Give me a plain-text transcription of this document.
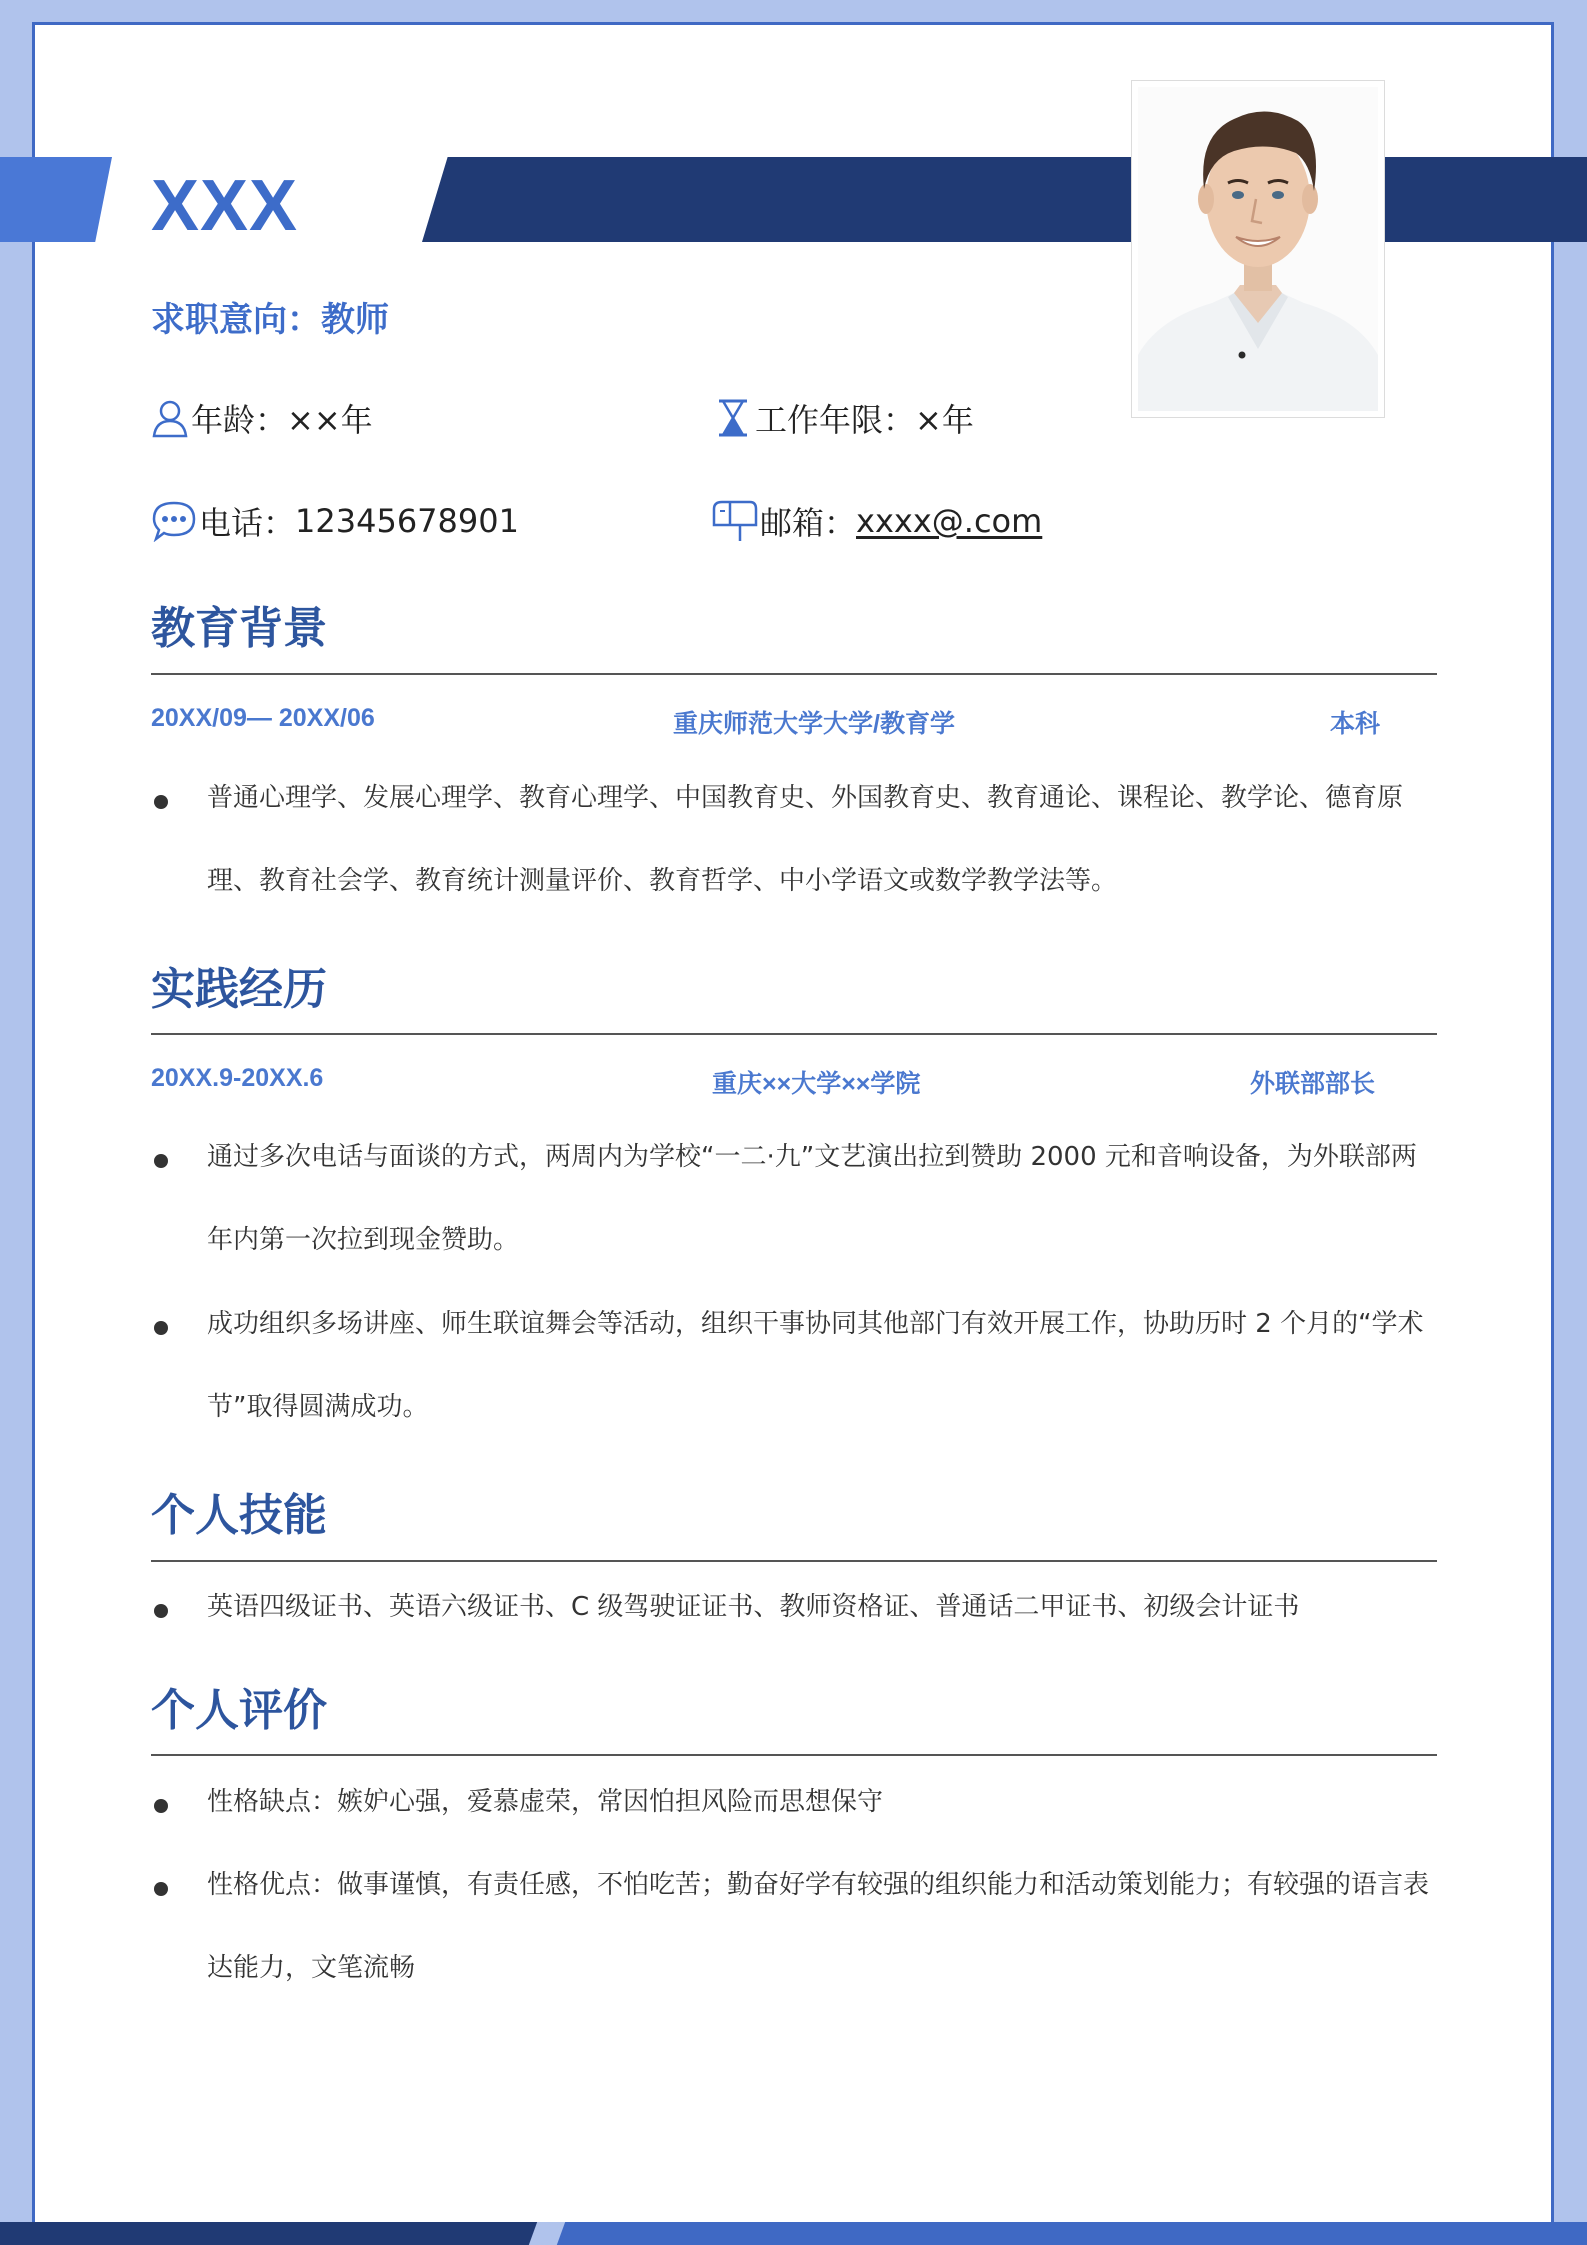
XXX
求职意向：教师
年龄：××年	工作年限：×年
电话： 12345678901	邮箱： xxxx@.com
教育背景
20XX/09— 20XX/06	重庆师范大学大学/教育学	本科
普通心理学、发展心理学、教育心理学、中国教育史、外国教育史、教育通论、课程论、教学论、德育原理、教育社会学、教育统计测量评价、教育哲学、中小学语文或数学教学法等。
实践经历
20XX.9-20XX.6	重庆××大学××学院	外联部部长
通过多次电话与面谈的方式，两周内为学校“一二·九”文艺演出拉到赞助 2000 元和音响设备，为外联部两年内第一次拉到现金赞助。
成功组织多场讲座、师生联谊舞会等活动，组织干事协同其他部门有效开展工作，协助历时 2 个月的“学术节”取得圆满成功。
个人技能
英语四级证书、英语六级证书、C 级驾驶证证书、教师资格证、普通话二甲证书、初级会计证书
个人评价
性格缺点：嫉妒心强，爱慕虚荣，常因怕担风险而思想保守
性格优点：做事谨慎，有责任感，不怕吃苦；勤奋好学有较强的组织能力和活动策划能力；有较强的语言表达能力，文笔流畅
